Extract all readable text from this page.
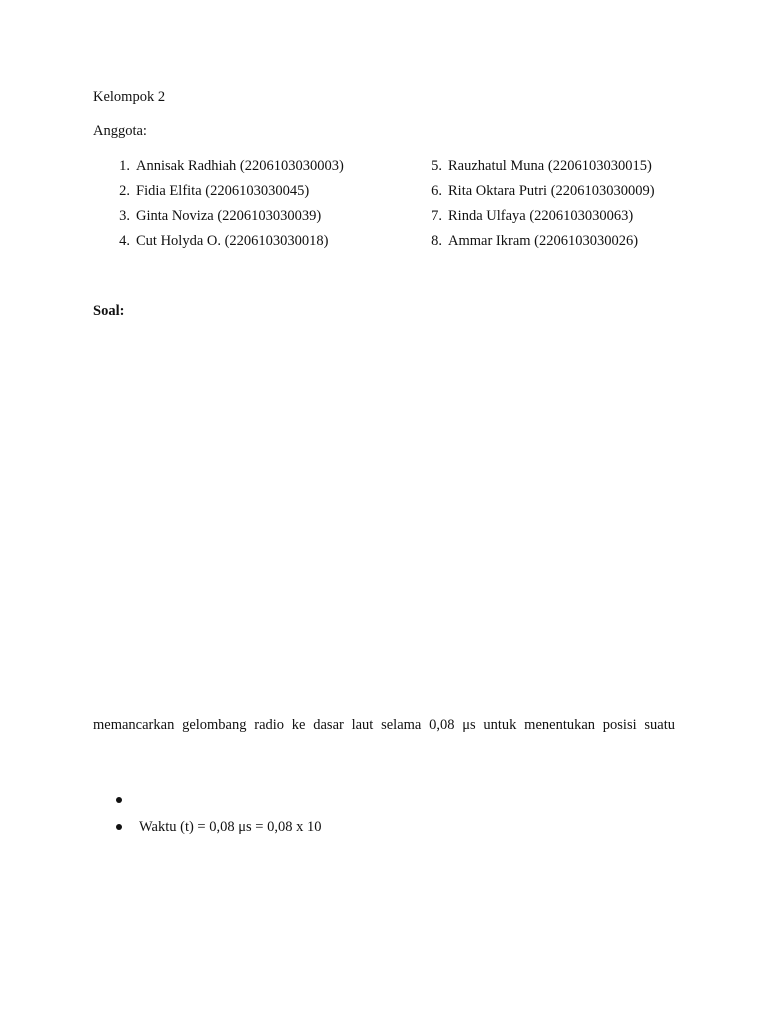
Kelompok 2
Anggota:
1. Annisak Radhiah (2206103030003)
2. Fidia Elfita (2206103030045)
3. Ginta Noviza (2206103030039)
4. Cut Holyda O. (2206103030018)
5. Rauzhatul Muna (2206103030015)
6. Rita Oktara Putri (2206103030009)
7. Rinda Ulfaya (2206103030063)
8. Ammar Ikram (2206103030026)
Soal:
memancarkan gelombang radio ke dasar laut selama 0,08 μs untuk menentukan posisi suatu
Waktu (t) = 0,08 μs = 0,08 x 10
